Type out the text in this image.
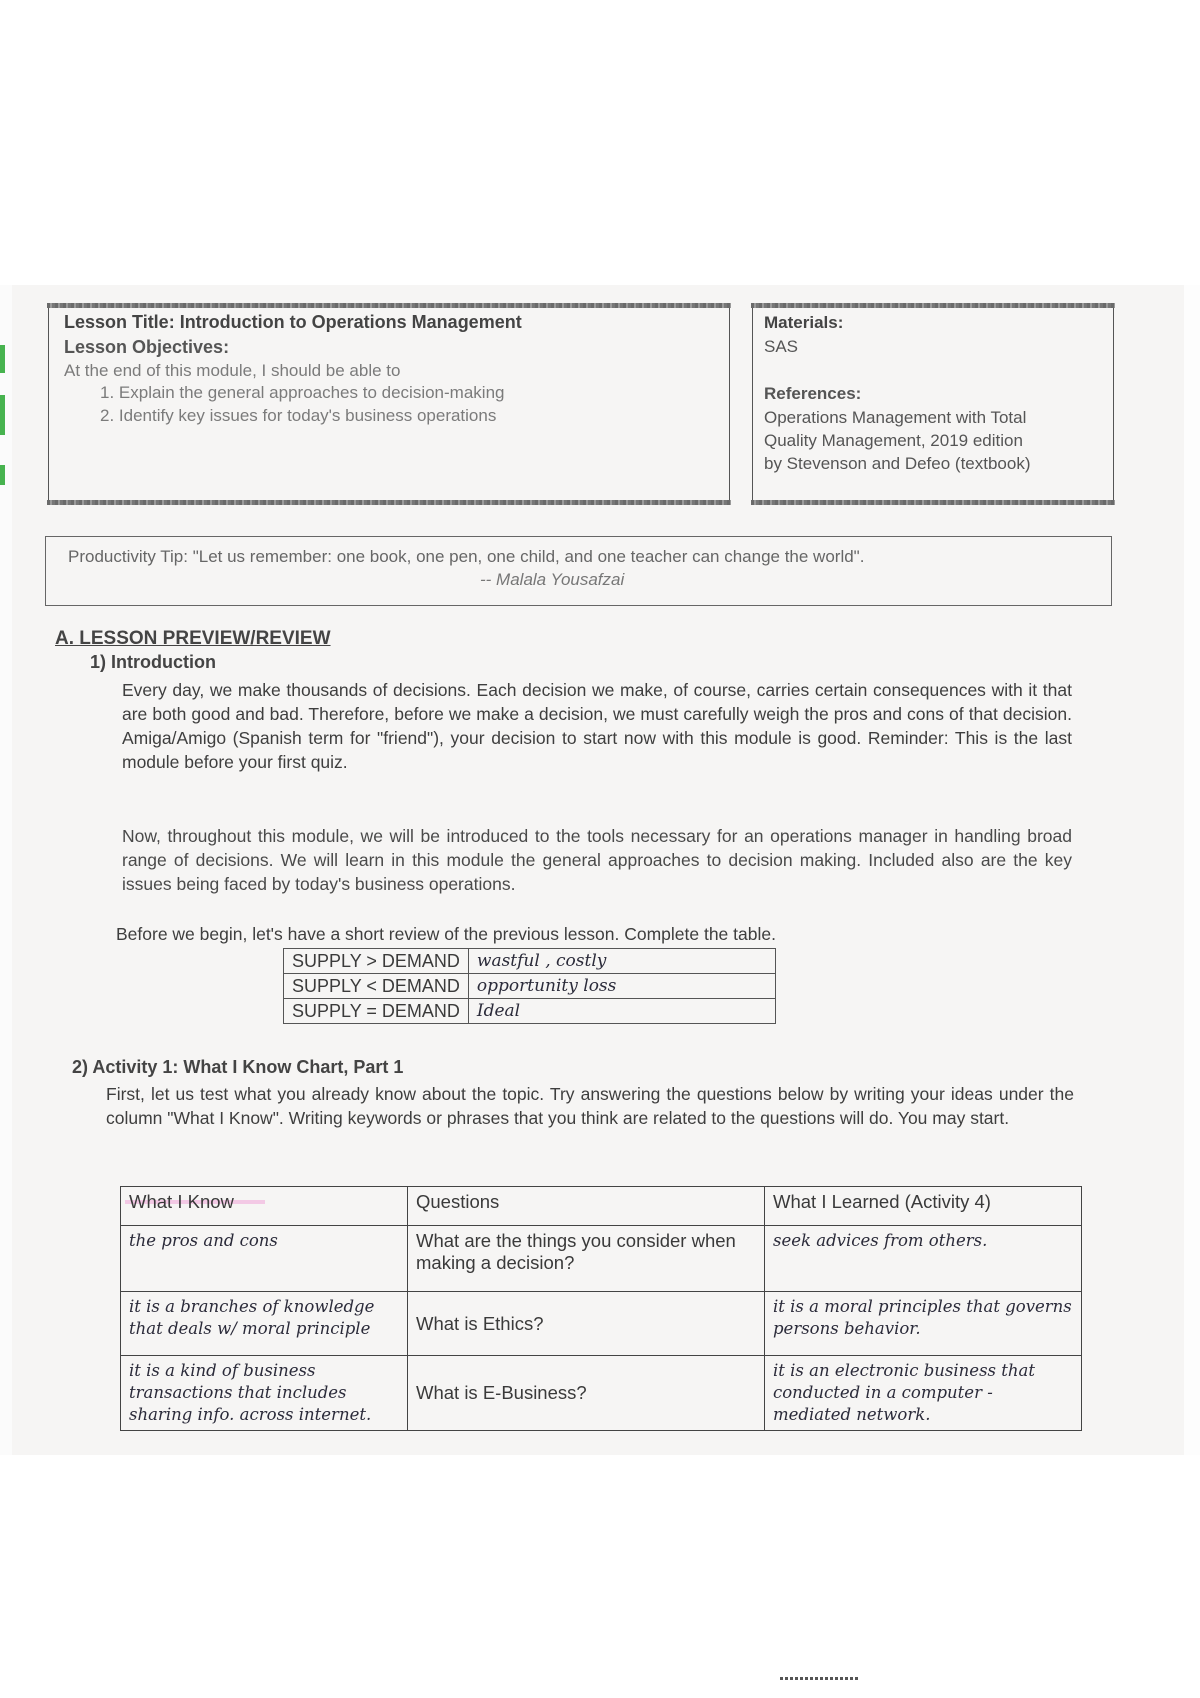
Lesson Title: Introduction to Operations Management
Lesson Objectives:
At the end of this module, I should be able to
1. Explain the general approaches to decision-making
2. Identify key issues for today's business operations
Materials:
SAS
References:
Operations Management with Total
Quality Management, 2019 edition
by Stevenson and Defeo (textbook)
Productivity Tip: "Let us remember: one book, one pen, one child, and one teacher can change the world".
-- Malala Yousafzai
A. LESSON PREVIEW/REVIEW
1) Introduction
Every day, we make thousands of decisions. Each decision we make, of course, carries certain consequences with it that are both good and bad. Therefore, before we make a decision, we must carefully weigh the pros and cons of that decision. Amiga/Amigo (Spanish term for "friend"), your decision to start now with this module is good. Reminder: This is the last module before your first quiz.
Now, throughout this module, we will be introduced to the tools necessary for an operations manager in handling broad range of decisions. We will learn in this module the general approaches to decision making. Included also are the key issues being faced by today's business operations.
Before we begin, let's have a short review of the previous lesson. Complete the table.
SUPPLY > DEMAND	wastful , costly
SUPPLY < DEMAND	opportunity loss
SUPPLY = DEMAND	Ideal
2) Activity 1: What I Know Chart, Part 1
First, let us test what you already know about the topic. Try answering the questions below by writing your ideas under the column "What I Know". Writing keywords or phrases that you think are related to the questions will do. You may start.
What I Know	Questions	What I Learned (Activity 4)
the pros and cons	What are the things you consider when making a decision?	seek advices from others.
it is a branches of knowledge that deals w/ moral principle	What is Ethics?	it is a moral principles that governs persons behavior.
it is a kind of business transactions that includes sharing info. across internet.	What is E-Business?	it is an electronic business that conducted in a computer - mediated network.
